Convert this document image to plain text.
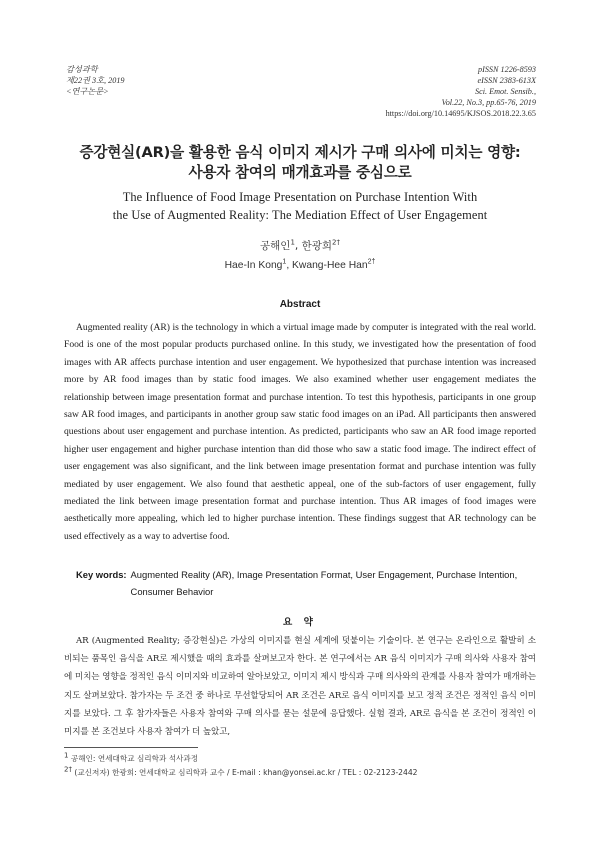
감성과학
제22권 3호, 2019
<연구논문>
pISSN 1226-8593
eISSN 2383-613X
Sci. Emot. Sensib.,
Vol.22, No.3, pp.65-76, 2019
https://doi.org/10.14695/KJSOS.2018.22.3.65
증강현실(AR)을 활용한 음식 이미지 제시가 구매 의사에 미치는 영향:
사용자 참여의 매개효과를 중심으로
The Influence of Food Image Presentation on Purchase Intention With
the Use of Augmented Reality: The Mediation Effect of User Engagement
공해인$^1$, 한광희$^{2\dagger}$
Hae-In Kong$^1$, Kwang-Hee Han$^{2\dagger}$
Abstract

Augmented reality (AR) is the technology in which a virtual image made by computer is integrated with the real world. Food is one of the most popular products purchased online. In this study, we investigated how the presentation of food images with AR affects purchase intention and user engagement. We hypothesized that purchase intention was increased more by AR food images than by static food images. We also examined whether user engagement mediates the relationship between image presentation format and purchase intention. To test this hypothesis, participants in one group saw AR food images, and participants in another group saw static food images on an iPad. All participants then answered questions about user engagement and purchase intention. As predicted, participants who saw an AR food image reported higher user engagement and higher purchase intention than did those who saw a static food image. The indirect effect of user engagement was also significant, and the link between image presentation format and purchase intention was fully mediated by user engagement. We also found that aesthetic appeal, one of the sub-factors of user engagement, fully mediated the link between image presentation format and purchase intention. Thus AR images of food images were aesthetically more appealing, which led to higher purchase intention. These findings suggest that AR technology can be used effectively as a way to advertise food.

Key words: Augmented Reality (AR), Image Presentation Format, User Engagement, Purchase Intention, Consumer Behavior
요 약

AR (Augmented Reality; 증강현실)은 가상의 이미지를 현실 세계에 덧붙이는 기술이다. 본 연구는 온라인으로 활발히 소비되는 품목인 음식을 AR로 제시했을 때의 효과를 살펴보고자 한다. 본 연구에서는 AR 음식 이미지가 구매 의사와 사용자 참여에 미치는 영향을 정적인 음식 이미지와 비교하여 알아보았고, 이미지 제시 방식과 구매 의사와의 관계를 사용자 참여가 매개하는지도 살펴보았다. 참가자는 두 조건 중 하나로 무선할당되어 AR 조건은 AR로 음식 이미지를 보고 정적 조건은 정적인 음식 이미지를 보았다. 그 후 참가자들은 사용자 참여와 구매 의사를 묻는 설문에 응답했다. 실험 결과, AR로 음식을 본 조건이 정적인 이미지를 본 조건보다 사용자 참여가 더 높았고,

$^1$ 공해인: 연세대학교 심리학과 석사과정
$^{2\dagger}$ (교신저자) 한광희: 연세대학교 심리학과 교수 / E-mail : khan@yonsei.ac.kr / TEL : 02-2123-2442
